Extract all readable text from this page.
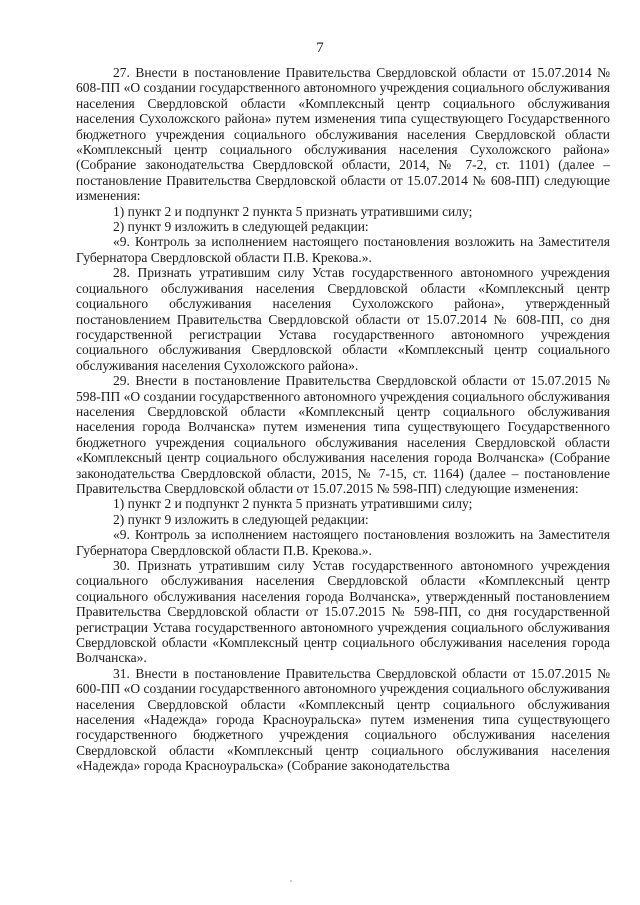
7

27. Внести в постановление Правительства Свердловской области от 15.07.2014 № 608-ПП «О создании государственного автономного учреждения социального обслуживания населения Свердловской области «Комплексный центр социального обслуживания населения Сухоложского района» путем изменения типа существующего Государственного бюджетного учреждения социального обслуживания населения Свердловской области «Комплексный центр социального обслуживания населения Сухоложского района» (Собрание законодательства Свердловской области, 2014, № 7-2, ст. 1101) (далее – постановление Правительства Свердловской области от 15.07.2014 № 608-ПП) следующие изменения:

1) пункт 2 и подпункт 2 пункта 5 признать утратившими силу;

2) пункт 9 изложить в следующей редакции:

«9. Контроль за исполнением настоящего постановления возложить на Заместителя Губернатора Свердловской области П.В. Крекова.».

28. Признать утратившим силу Устав государственного автономного учреждения социального обслуживания населения Свердловской области «Комплексный центр социального обслуживания населения Сухоложского района», утвержденный постановлением Правительства Свердловской области от 15.07.2014 № 608-ПП, со дня государственной регистрации Устава государственного автономного учреждения социального обслуживания Свердловской области «Комплексный центр социального обслуживания населения Сухоложского района».

29. Внести в постановление Правительства Свердловской области от 15.07.2015 № 598-ПП «О создании государственного автономного учреждения социального обслуживания населения Свердловской области «Комплексный центр социального обслуживания населения города Волчанска» путем изменения типа существующего Государственного бюджетного учреждения социального обслуживания населения Свердловской области «Комплексный центр социального обслуживания населения города Волчанска» (Собрание законодательства Свердловской области, 2015, № 7-15, ст. 1164) (далее – постановление Правительства Свердловской области от 15.07.2015 № 598-ПП) следующие изменения:

1) пункт 2 и подпункт 2 пункта 5 признать утратившими силу;

2) пункт 9 изложить в следующей редакции:

«9. Контроль за исполнением настоящего постановления возложить на Заместителя Губернатора Свердловской области П.В. Крекова.».

30. Признать утратившим силу Устав государственного автономного учреждения социального обслуживания населения Свердловской области «Комплексный центр социального обслуживания населения города Волчанска», утвержденный постановлением Правительства Свердловской области от 15.07.2015 № 598-ПП, со дня государственной регистрации Устава государственного автономного учреждения социального обслуживания Свердловской области «Комплексный центр социального обслуживания населения города Волчанска».

31. Внести в постановление Правительства Свердловской области от 15.07.2015 № 600-ПП «О создании государственного автономного учреждения социального обслуживания населения Свердловской области «Комплексный центр социального обслуживания населения «Надежда» города Красноуральска» путем изменения типа существующего государственного бюджетного учреждения социального обслуживания населения Свердловской области «Комплексный центр социального обслуживания населения «Надежда» города Красноуральска» (Собрание законодательства
